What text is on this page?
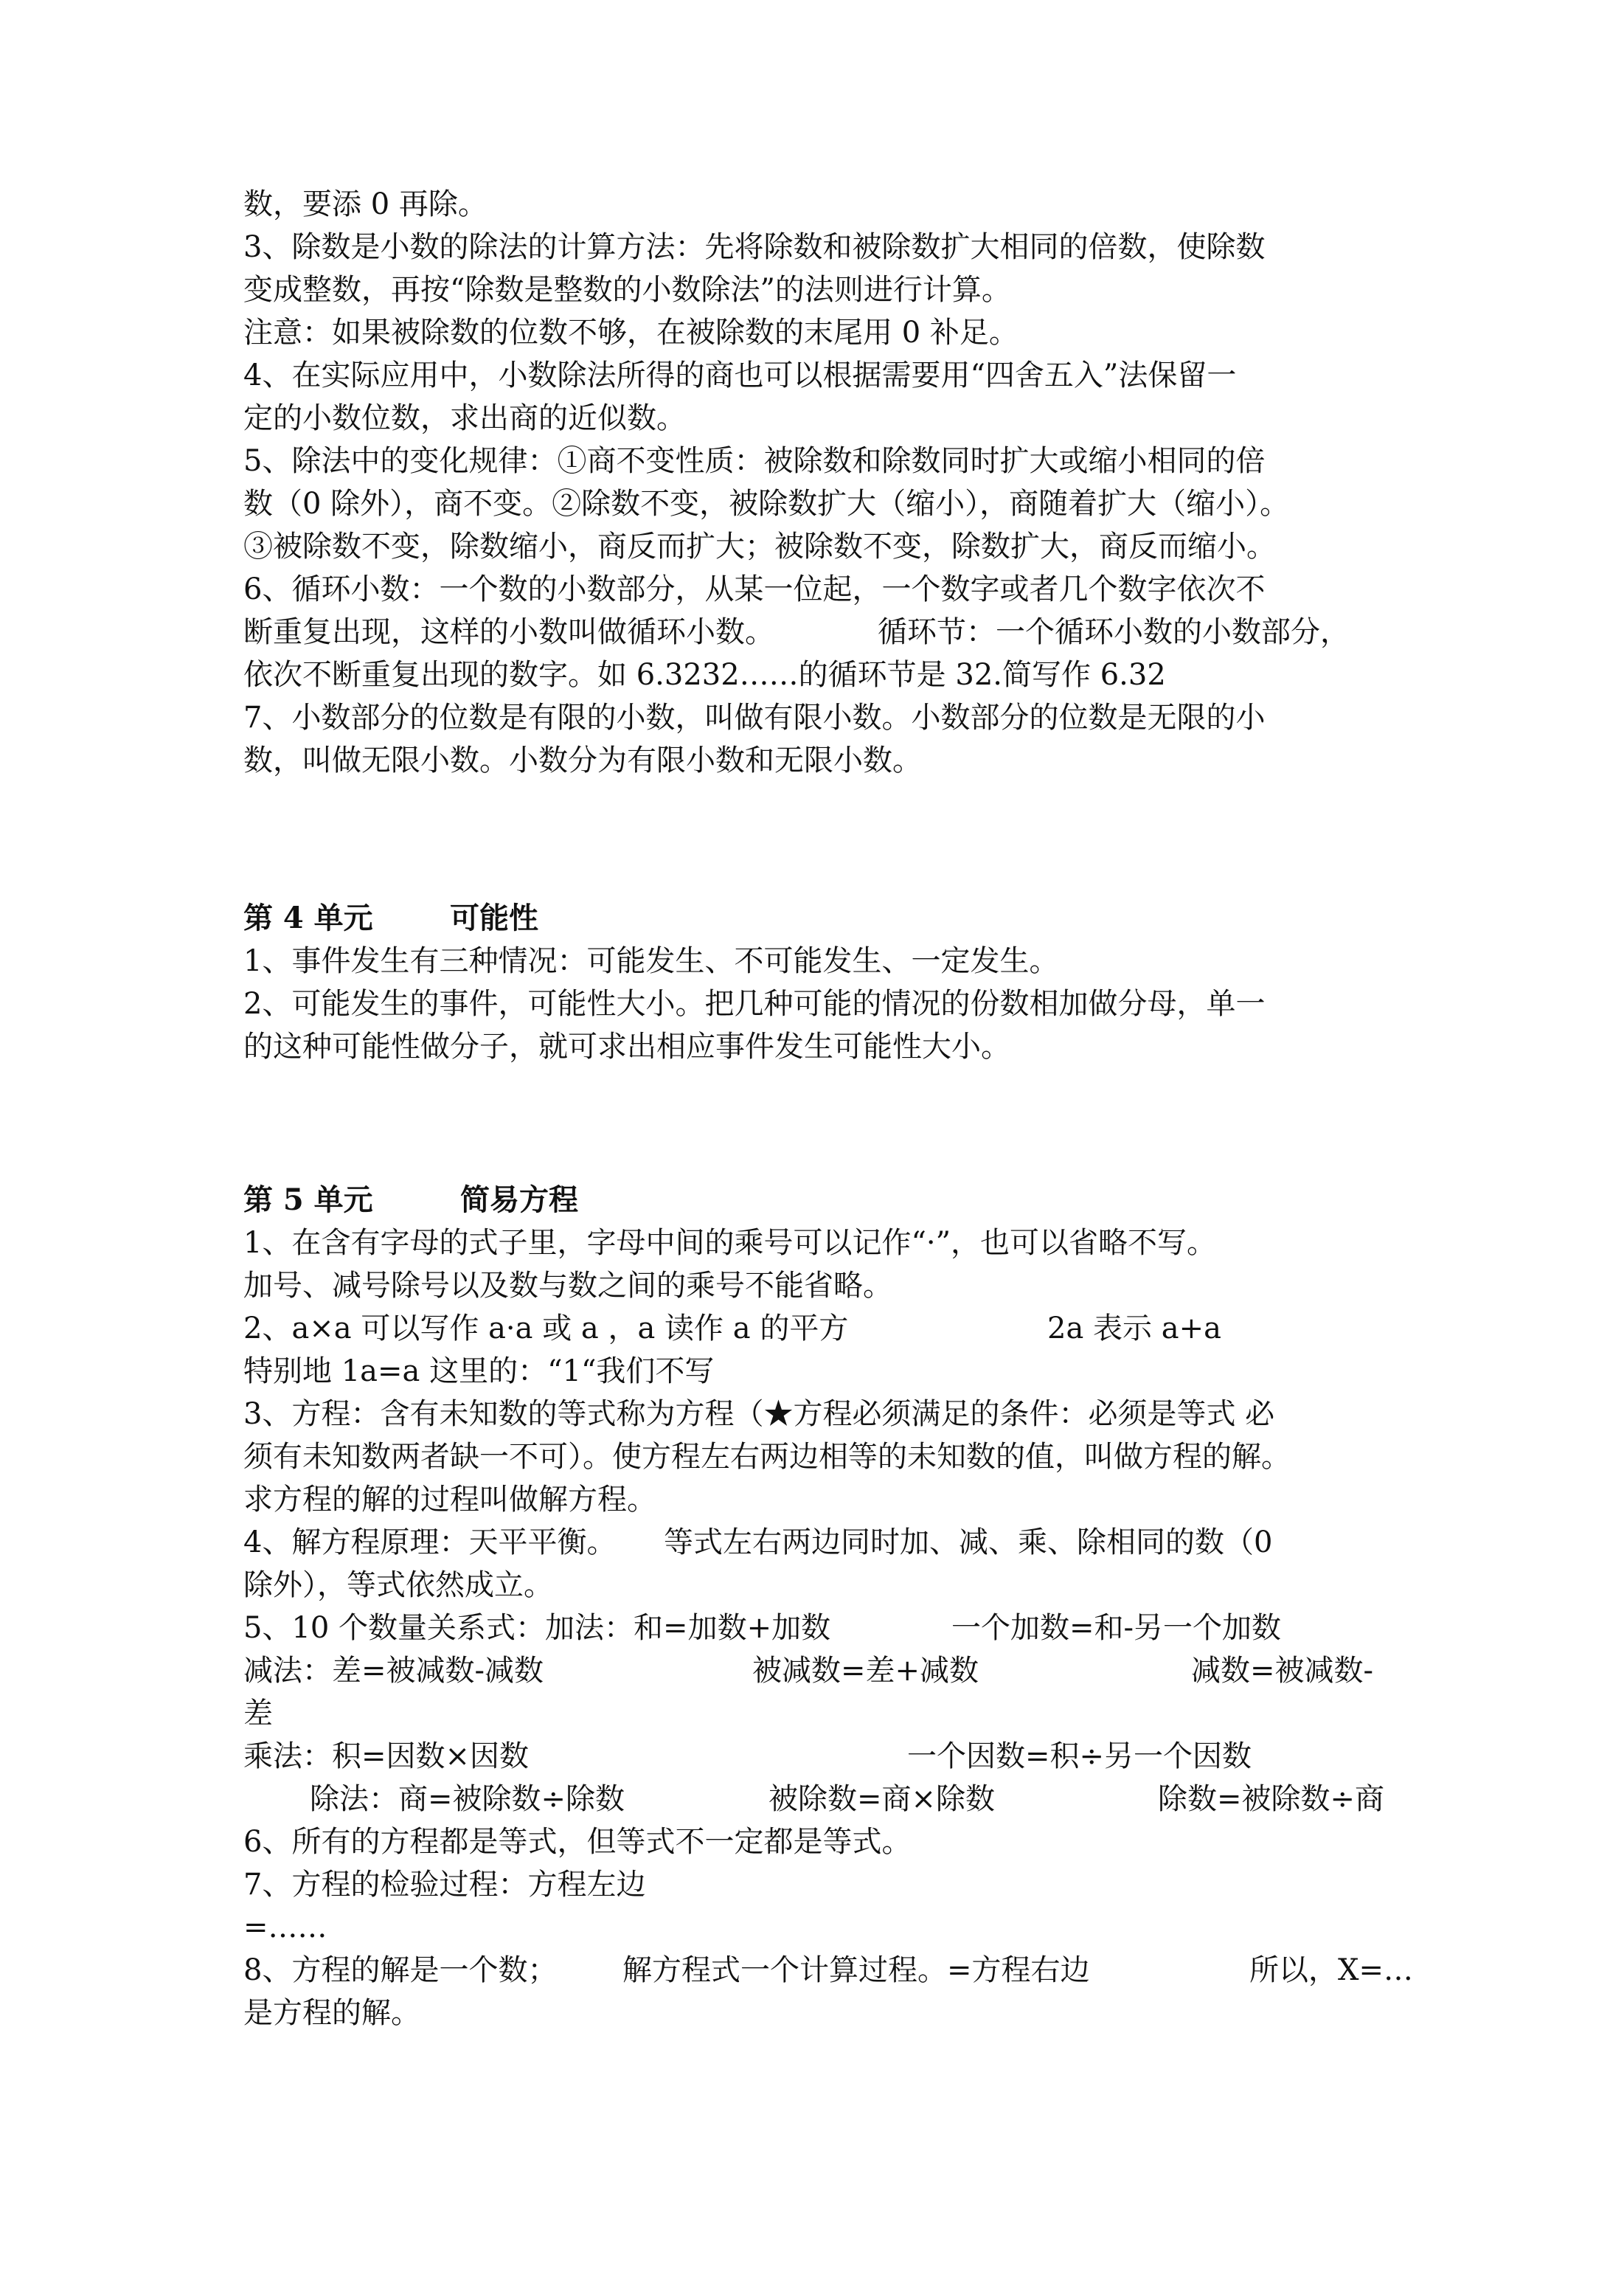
数，要添 0 再除。
3、除数是小数的除法的计算方法：先将除数和被除数扩大相同的倍数，使除数
变成整数，再按“除数是整数的小数除法”的法则进行计算。
注意：如果被除数的位数不够，在被除数的末尾用 0 补足。
4、在实际应用中，小数除法所得的商也可以根据需要用“四舍五入”法保留一
定的小数位数，求出商的近似数。
5、除法中的变化规律：①商不变性质：被除数和除数同时扩大或缩小相同的倍
数（0 除外），商不变。②除数不变，被除数扩大（缩小），商随着扩大（缩小）。
③被除数不变，除数缩小，商反而扩大；被除数不变，除数扩大，商反而缩小。
6、循环小数：一个数的小数部分，从某一位起，一个数字或者几个数字依次不
断重复出现，这样的小数叫做循环小数。	循环节：一个循环小数的小数部分，
依次不断重复出现的数字。如 6.3232……的循环节是 32.简写作 6.32
7、小数部分的位数是有限的小数，叫做有限小数。小数部分的位数是无限的小
数，叫做无限小数。小数分为有限小数和无限小数。
第 4 单元	可能性
1、事件发生有三种情况：可能发生、不可能发生、一定发生。
2、可能发生的事件，可能性大小。把几种可能的情况的份数相加做分母，单一
的这种可能性做分子，就可求出相应事件发生可能性大小。
第 5 单元	简易方程
1、在含有字母的式子里，字母中间的乘号可以记作“·”，也可以省略不写。
加号、减号除号以及数与数之间的乘号不能省略。
2、a×a 可以写作 a·a 或 a ，a 读作 a 的平方	2a 表示 a+a
特别地 1a=a 这里的：“1“我们不写
3、方程：含有未知数的等式称为方程（★方程必须满足的条件：必须是等式 必
须有未知数两者缺一不可）。使方程左右两边相等的未知数的值，叫做方程的解。
求方程的解的过程叫做解方程。
4、解方程原理：天平平衡。 等式左右两边同时加、减、乘、除相同的数（0
除外），等式依然成立。
5、10 个数量关系式：加法：和=加数+加数	一个加数=和-另一个加数
减法：差=被减数-减数	被减数=差+减数	减数=被减数-
差
乘法：积=因数×因数	一个因数=积÷另一个因数
除法：商=被除数÷除数	被除数=商×除数	除数=被除数÷商
6、所有的方程都是等式，但等式不一定都是等式。
7、方程的检验过程：方程左边
=……
8、方程的解是一个数； 解方程式一个计算过程。=方程右边	所以，X=…
是方程的解。
